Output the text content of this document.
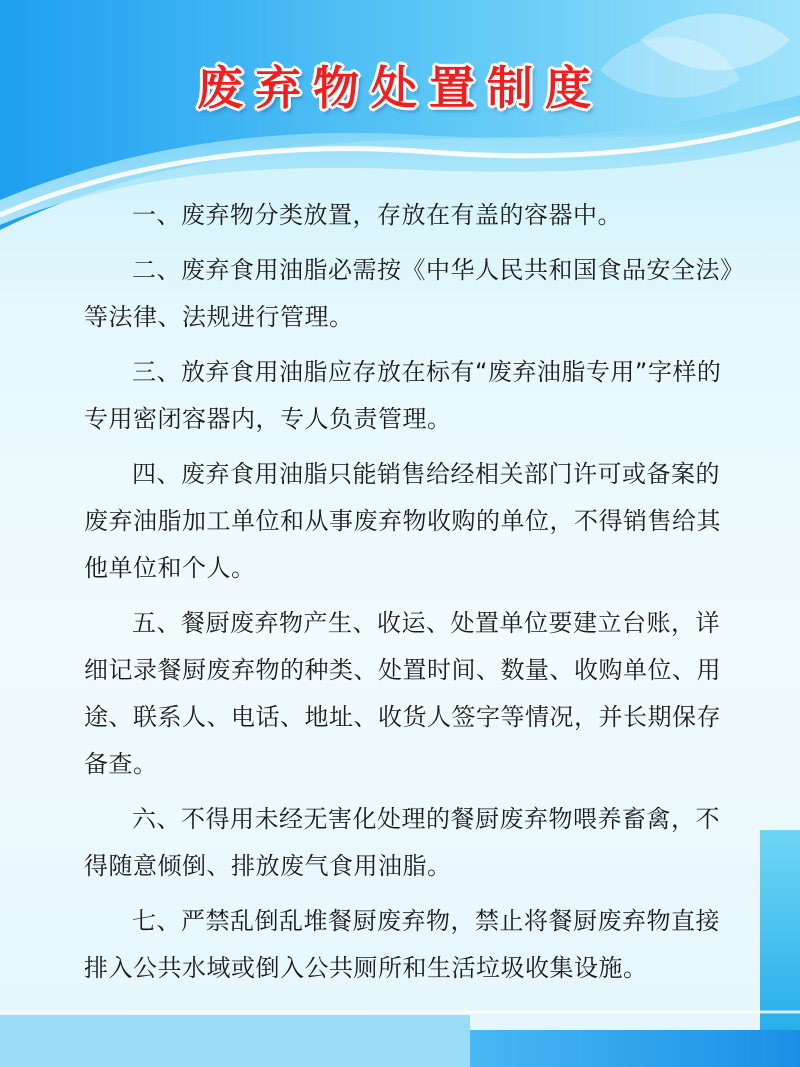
废弃物处置制度

一、废弃物分类放置，存放在有盖的容器中。

二、废弃食用油脂必需按《中华人民共和国食品安全法》等法律、法规进行管理。

三、放弃食用油脂应存放在标有“废弃油脂专用”字样的专用密闭容器内，专人负责管理。

四、废弃食用油脂只能销售给经相关部门许可或备案的废弃油脂加工单位和从事废弃物收购的单位，不得销售给其他单位和个人。

五、餐厨废弃物产生、收运、处置单位要建立台账，详细记录餐厨废弃物的种类、处置时间、数量、收购单位、用途、联系人、电话、地址、收货人签字等情况，并长期保存备查。

六、不得用未经无害化处理的餐厨废弃物喂养畜禽，不得随意倾倒、排放废气食用油脂。

七、严禁乱倒乱堆餐厨废弃物，禁止将餐厨废弃物直接排入公共水域或倒入公共厕所和生活垃圾收集设施。
